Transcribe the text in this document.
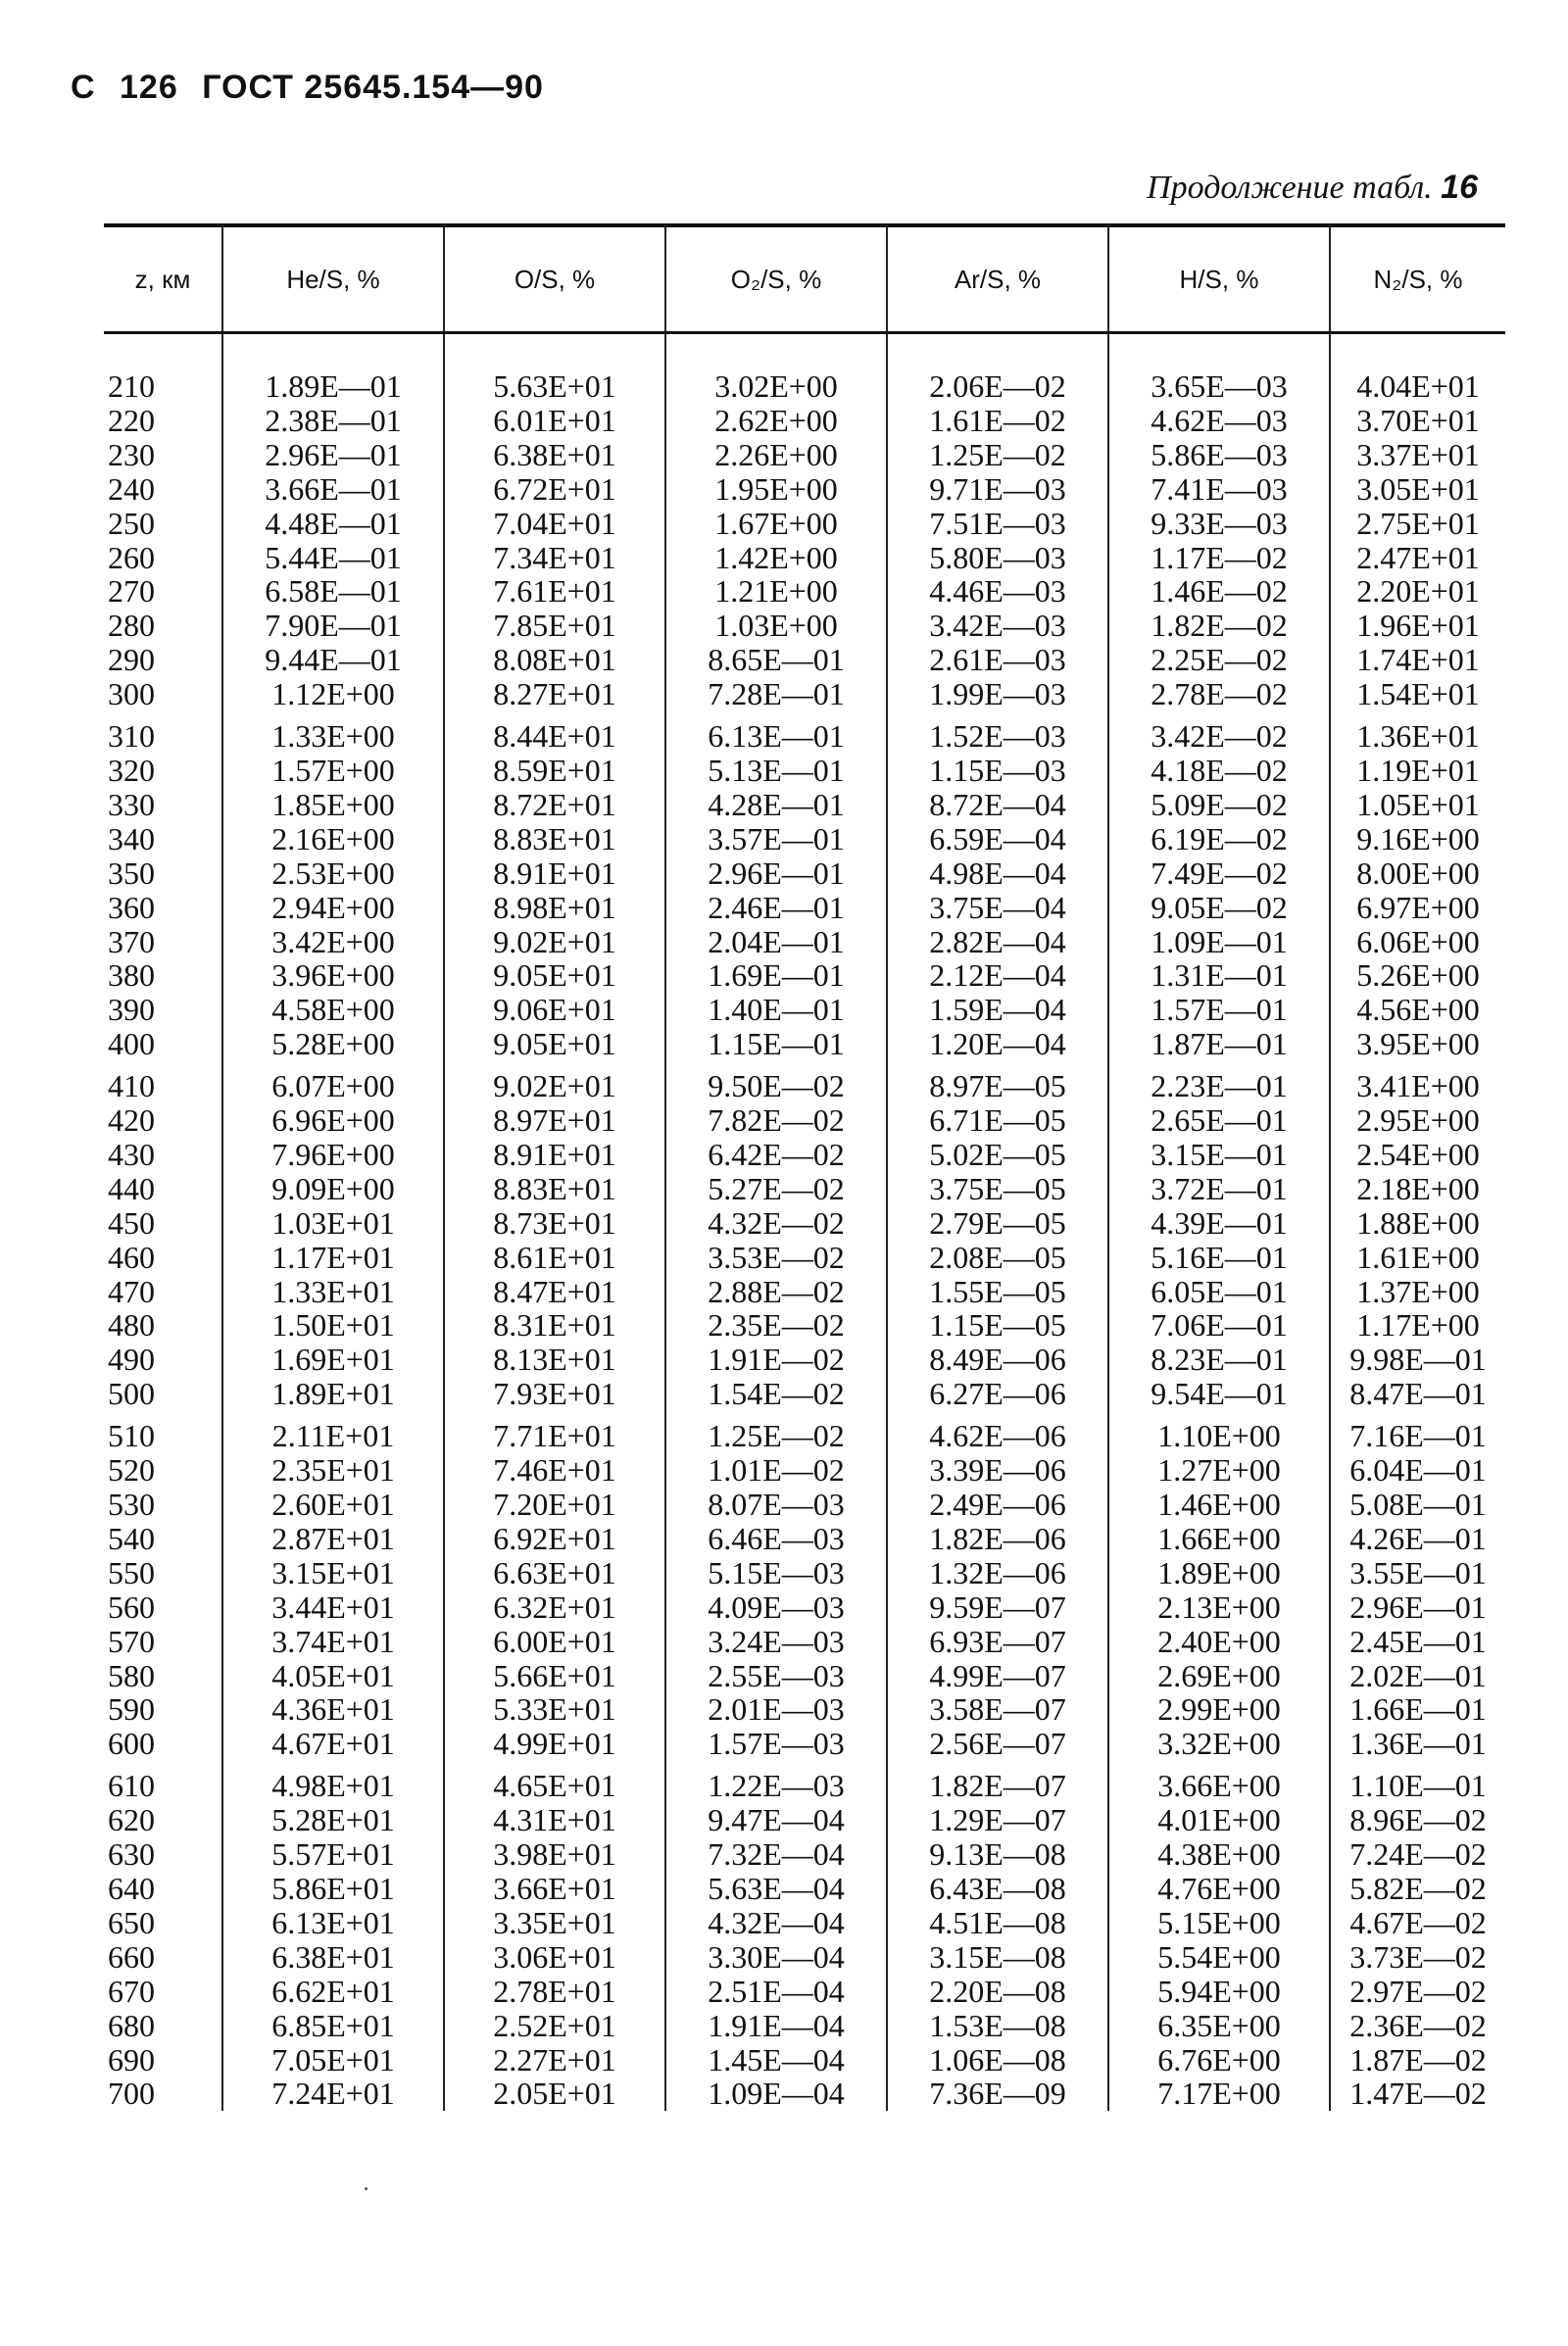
C 126 ГОСТ 25645.154—90
Продолжение табл. 16
z, км	He/S, %	O/S, %	O₂/S, %	Ar/S, %	H/S, %	N₂/S, %
210	1.89E—01	5.63E+01	3.02E+00	2.06E—02	3.65E—03	4.04E+01
220	2.38E—01	6.01E+01	2.62E+00	1.61E—02	4.62E—03	3.70E+01
230	2.96E—01	6.38E+01	2.26E+00	1.25E—02	5.86E—03	3.37E+01
240	3.66E—01	6.72E+01	1.95E+00	9.71E—03	7.41E—03	3.05E+01
250	4.48E—01	7.04E+01	1.67E+00	7.51E—03	9.33E—03	2.75E+01
260	5.44E—01	7.34E+01	1.42E+00	5.80E—03	1.17E—02	2.47E+01
270	6.58E—01	7.61E+01	1.21E+00	4.46E—03	1.46E—02	2.20E+01
280	7.90E—01	7.85E+01	1.03E+00	3.42E—03	1.82E—02	1.96E+01
290	9.44E—01	8.08E+01	8.65E—01	2.61E—03	2.25E—02	1.74E+01
300	1.12E+00	8.27E+01	7.28E—01	1.99E—03	2.78E—02	1.54E+01
310	1.33E+00	8.44E+01	6.13E—01	1.52E—03	3.42E—02	1.36E+01
320	1.57E+00	8.59E+01	5.13E—01	1.15E—03	4.18E—02	1.19E+01
330	1.85E+00	8.72E+01	4.28E—01	8.72E—04	5.09E—02	1.05E+01
340	2.16E+00	8.83E+01	3.57E—01	6.59E—04	6.19E—02	9.16E+00
350	2.53E+00	8.91E+01	2.96E—01	4.98E—04	7.49E—02	8.00E+00
360	2.94E+00	8.98E+01	2.46E—01	3.75E—04	9.05E—02	6.97E+00
370	3.42E+00	9.02E+01	2.04E—01	2.82E—04	1.09E—01	6.06E+00
380	3.96E+00	9.05E+01	1.69E—01	2.12E—04	1.31E—01	5.26E+00
390	4.58E+00	9.06E+01	1.40E—01	1.59E—04	1.57E—01	4.56E+00
400	5.28E+00	9.05E+01	1.15E—01	1.20E—04	1.87E—01	3.95E+00
410	6.07E+00	9.02E+01	9.50E—02	8.97E—05	2.23E—01	3.41E+00
420	6.96E+00	8.97E+01	7.82E—02	6.71E—05	2.65E—01	2.95E+00
430	7.96E+00	8.91E+01	6.42E—02	5.02E—05	3.15E—01	2.54E+00
440	9.09E+00	8.83E+01	5.27E—02	3.75E—05	3.72E—01	2.18E+00
450	1.03E+01	8.73E+01	4.32E—02	2.79E—05	4.39E—01	1.88E+00
460	1.17E+01	8.61E+01	3.53E—02	2.08E—05	5.16E—01	1.61E+00
470	1.33E+01	8.47E+01	2.88E—02	1.55E—05	6.05E—01	1.37E+00
480	1.50E+01	8.31E+01	2.35E—02	1.15E—05	7.06E—01	1.17E+00
490	1.69E+01	8.13E+01	1.91E—02	8.49E—06	8.23E—01	9.98E—01
500	1.89E+01	7.93E+01	1.54E—02	6.27E—06	9.54E—01	8.47E—01
510	2.11E+01	7.71E+01	1.25E—02	4.62E—06	1.10E+00	7.16E—01
520	2.35E+01	7.46E+01	1.01E—02	3.39E—06	1.27E+00	6.04E—01
530	2.60E+01	7.20E+01	8.07E—03	2.49E—06	1.46E+00	5.08E—01
540	2.87E+01	6.92E+01	6.46E—03	1.82E—06	1.66E+00	4.26E—01
550	3.15E+01	6.63E+01	5.15E—03	1.32E—06	1.89E+00	3.55E—01
560	3.44E+01	6.32E+01	4.09E—03	9.59E—07	2.13E+00	2.96E—01
570	3.74E+01	6.00E+01	3.24E—03	6.93E—07	2.40E+00	2.45E—01
580	4.05E+01	5.66E+01	2.55E—03	4.99E—07	2.69E+00	2.02E—01
590	4.36E+01	5.33E+01	2.01E—03	3.58E—07	2.99E+00	1.66E—01
600	4.67E+01	4.99E+01	1.57E—03	2.56E—07	3.32E+00	1.36E—01
610	4.98E+01	4.65E+01	1.22E—03	1.82E—07	3.66E+00	1.10E—01
620	5.28E+01	4.31E+01	9.47E—04	1.29E—07	4.01E+00	8.96E—02
630	5.57E+01	3.98E+01	7.32E—04	9.13E—08	4.38E+00	7.24E—02
640	5.86E+01	3.66E+01	5.63E—04	6.43E—08	4.76E+00	5.82E—02
650	6.13E+01	3.35E+01	4.32E—04	4.51E—08	5.15E+00	4.67E—02
660	6.38E+01	3.06E+01	3.30E—04	3.15E—08	5.54E+00	3.73E—02
670	6.62E+01	2.78E+01	2.51E—04	2.20E—08	5.94E+00	2.97E—02
680	6.85E+01	2.52E+01	1.91E—04	1.53E—08	6.35E+00	2.36E—02
690	7.05E+01	2.27E+01	1.45E—04	1.06E—08	6.76E+00	1.87E—02
700	7.24E+01	2.05E+01	1.09E—04	7.36E—09	7.17E+00	1.47E—02
